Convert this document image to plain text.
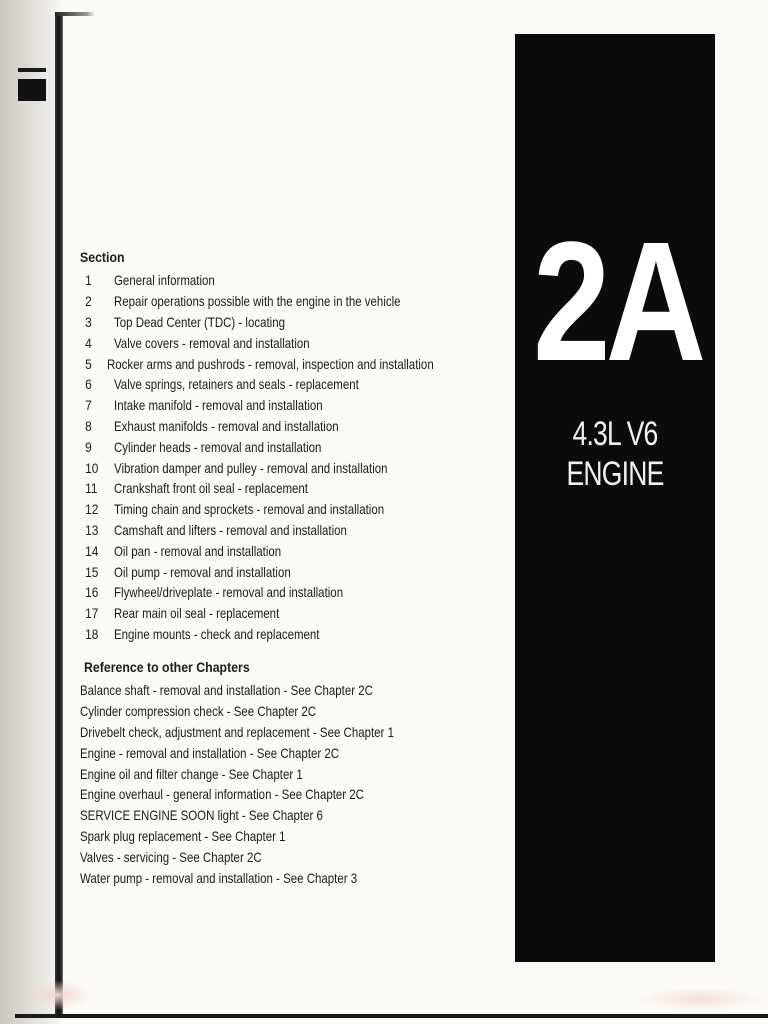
2A
4.3L V6 ENGINE
Section
1	General information
2	Repair operations possible with the engine in the vehicle
3	Top Dead Center (TDC) - locating
4	Valve covers - removal and installation
5	Rocker arms and pushrods - removal, inspection and installation
6	Valve springs, retainers and seals - replacement
7	Intake manifold - removal and installation
8	Exhaust manifolds - removal and installation
9	Cylinder heads - removal and installation
10	Vibration damper and pulley - removal and installation
11	Crankshaft front oil seal - replacement
12	Timing chain and sprockets - removal and installation
13	Camshaft and lifters - removal and installation
14	Oil pan - removal and installation
15	Oil pump - removal and installation
16	Flywheel/driveplate - removal and installation
17	Rear main oil seal - replacement
18	Engine mounts - check and replacement
Reference to other Chapters
Balance shaft - removal and installation - See Chapter 2C
Cylinder compression check - See Chapter 2C
Drivebelt check, adjustment and replacement - See Chapter 1
Engine - removal and installation - See Chapter 2C
Engine oil and filter change - See Chapter 1
Engine overhaul - general information - See Chapter 2C
SERVICE ENGINE SOON light - See Chapter 6
Spark plug replacement - See Chapter 1
Valves - servicing - See Chapter 2C
Water pump - removal and installation - See Chapter 3
